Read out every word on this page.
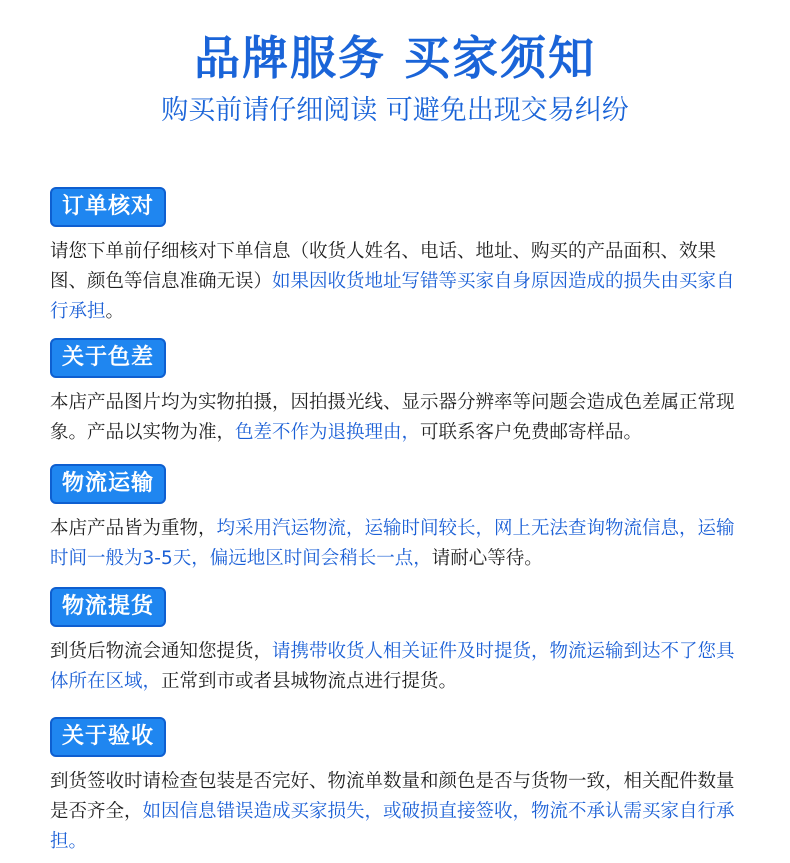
品牌服务 买家须知
购买前请仔细阅读 可避免出现交易纠纷
订单核对
请您下单前仔细核对下单信息（收货人姓名、电话、地址、购买的产品面积、效果图、颜色等信息准确无误）如果因收货地址写错等买家自身原因造成的损失由买家自行承担。
关于色差
本店产品图片均为实物拍摄，因拍摄光线、显示器分辨率等问题会造成色差属正常现象。产品以实物为准，色差不作为退换理由，可联系客户免费邮寄样品。
物流运输
本店产品皆为重物，均采用汽运物流，运输时间较长，网上无法查询物流信息，运输时间一般为3-5天，偏远地区时间会稍长一点，请耐心等待。
物流提货
到货后物流会通知您提货，请携带收货人相关证件及时提货，物流运输到达不了您具体所在区域，正常到市或者县城物流点进行提货。
关于验收
到货签收时请检查包装是否完好、物流单数量和颜色是否与货物一致，相关配件数量是否齐全，如因信息错误造成买家损失，或破损直接签收，物流不承认需买家自行承担。
